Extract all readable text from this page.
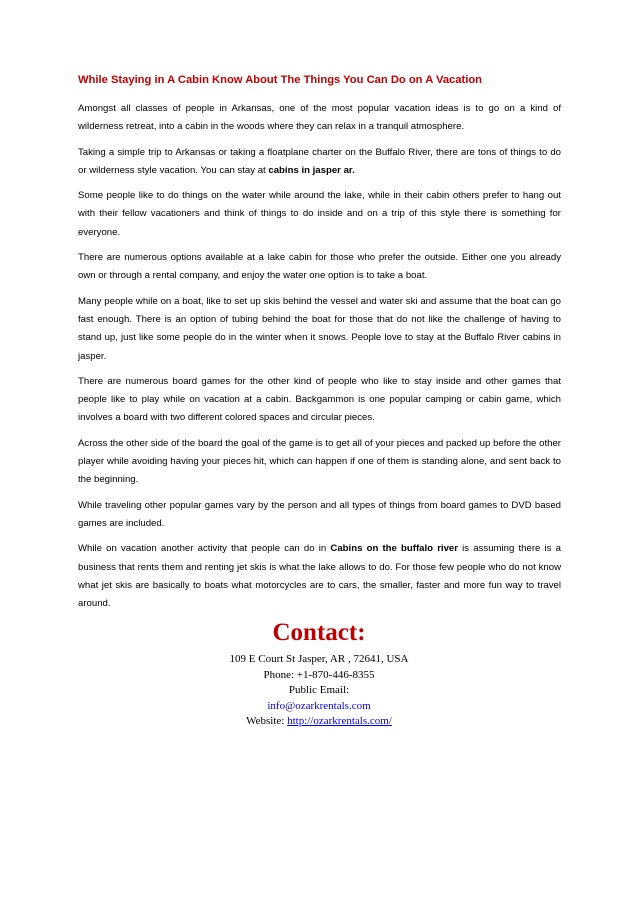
While Staying in A Cabin Know About The Things You Can Do on A Vacation

Amongst all classes of people in Arkansas, one of the most popular vacation ideas is to go on a kind of wilderness retreat, into a cabin in the woods where they can relax in a tranquil atmosphere.

Taking a simple trip to Arkansas or taking a floatplane charter on the Buffalo River, there are tons of things to do or wilderness style vacation. You can stay at cabins in jasper ar.

Some people like to do things on the water while around the lake, while in their cabin others prefer to hang out with their fellow vacationers and think of things to do inside and on a trip of this style there is something for everyone.

There are numerous options available at a lake cabin for those who prefer the outside. Either one you already own or through a rental company, and enjoy the water one option is to take a boat.

Many people while on a boat, like to set up skis behind the vessel and water ski and assume that the boat can go fast enough. There is an option of tubing behind the boat for those that do not like the challenge of having to stand up, just like some people do in the winter when it snows. People love to stay at the Buffalo River cabins in jasper.

There are numerous board games for the other kind of people who like to stay inside and other games that people like to play while on vacation at a cabin. Backgammon is one popular camping or cabin game, which involves a board with two different colored spaces and circular pieces.

Across the other side of the board the goal of the game is to get all of your pieces and packed up before the other player while avoiding having your pieces hit, which can happen if one of them is standing alone, and sent back to the beginning.

While traveling other popular games vary by the person and all types of things from board games to DVD based games are included.

While on vacation another activity that people can do in Cabins on the buffalo river is assuming there is a business that rents them and renting jet skis is what the lake allows to do. For those few people who do not know what jet skis are basically to boats what motorcycles are to cars, the smaller, faster and more fun way to travel around.

Contact:
109 E Court St Jasper, AR , 72641, USA
Phone: +1-870-446-8355
Public Email:
info@ozarkrentals.com
Website: http://ozarkrentals.com/
